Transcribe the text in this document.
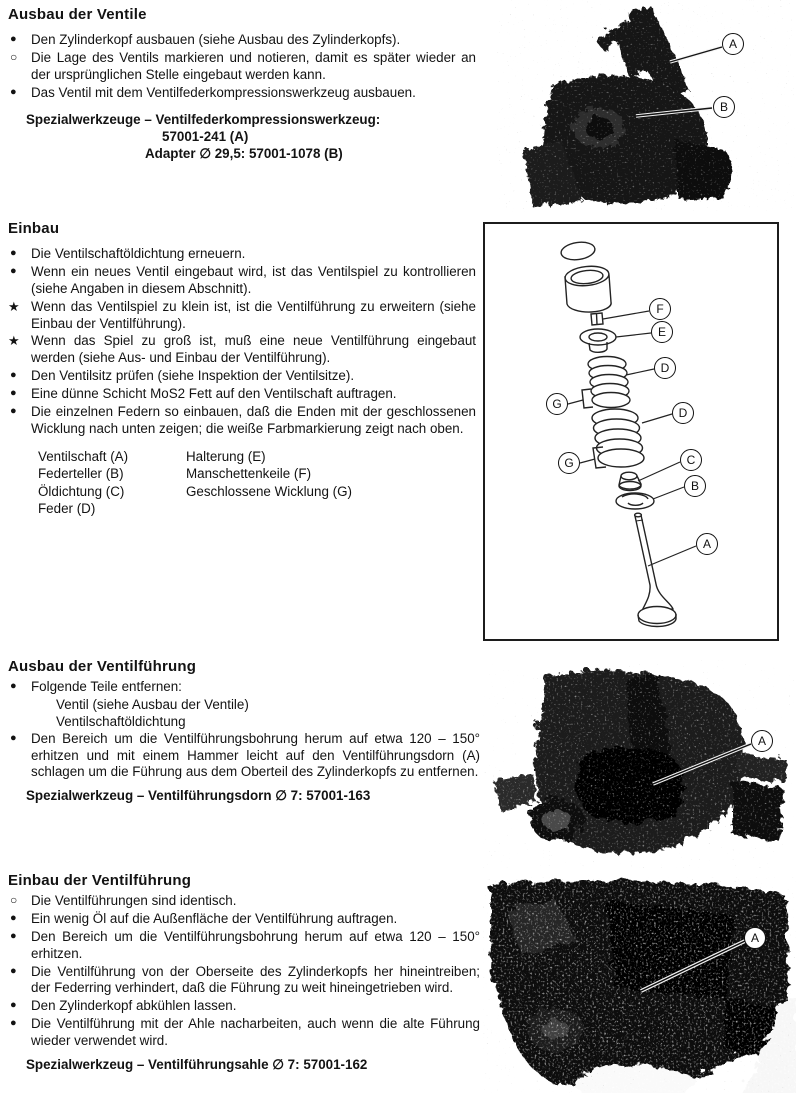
Ausbau der Ventile

● Den Zylinderkopf ausbauen (siehe Ausbau des Zylinderkopfs).

○ Die Lage des Ventils markieren und notieren, damit es später wieder an der ursprünglichen Stelle eingebaut werden kann.

● Das Ventil mit dem Ventilfederkompressionswerkzeug ausbauen.

Spezialwerkzeuge – Ventilfederkompressionswerkzeug:
57001-241 (A)
Adapter ∅ 29,5: 57001-1078 (B)
Einbau

● Die Ventilschaftöldichtung erneuern.

● Wenn ein neues Ventil eingebaut wird, ist das Ventilspiel zu kontrollieren (siehe Angaben in diesem Abschnitt).

★ Wenn das Ventilspiel zu klein ist, ist die Ventilführung zu erweitern (siehe Einbau der Ventilführung).

★ Wenn das Spiel zu groß ist, muß eine neue Ventilführung eingebaut werden (siehe Aus- und Einbau der Ventilführung).

● Den Ventilsitz prüfen (siehe Inspektion der Ventilsitze).

● Eine dünne Schicht MoS2 Fett auf den Ventilschaft auftragen.

● Die einzelnen Federn so einbauen, daß die Enden mit der geschlossenen Wicklung nach unten zeigen; die weiße Farbmarkierung zeigt nach oben.

Ventilschaft (A)
Federteller (B)
Öldichtung (C)
Feder (D)
Halterung (E)
Manschettenkeile (F)
Geschlossene Wicklung (G)
Ausbau der Ventilführung

● Folgende Teile entfernen:

Ventil (siehe Ausbau der Ventile)

Ventilschaftöldichtung

● Den Bereich um die Ventilführungsbohrung herum auf etwa 120 – 150° erhitzen und mit einem Hammer leicht auf den Ventilführungsdorn (A) schlagen um die Führung aus dem Oberteil des Zylinderkopfs zu entfernen.

Spezialwerkzeug – Ventilführungsdorn ∅ 7: 57001-163
Einbau der Ventilführung

○ Die Ventilführungen sind identisch.

● Ein wenig Öl auf die Außenfläche der Ventilführung auftragen.

● Den Bereich um die Ventilführungsbohrung herum auf etwa 120 – 150° erhitzen.

● Die Ventilführung von der Oberseite des Zylinderkopfs her hineintreiben; der Federring verhindert, daß die Führung zu weit hineingetrieben wird.

● Den Zylinderkopf abkühlen lassen.

● Die Ventilführung mit der Ahle nacharbeiten, auch wenn die alte Führung wieder verwendet wird.

Spezialwerkzeug – Ventilführungsahle ∅ 7: 57001-162
A
B
F
E
D
G
D
G	C
B
A
A
A
